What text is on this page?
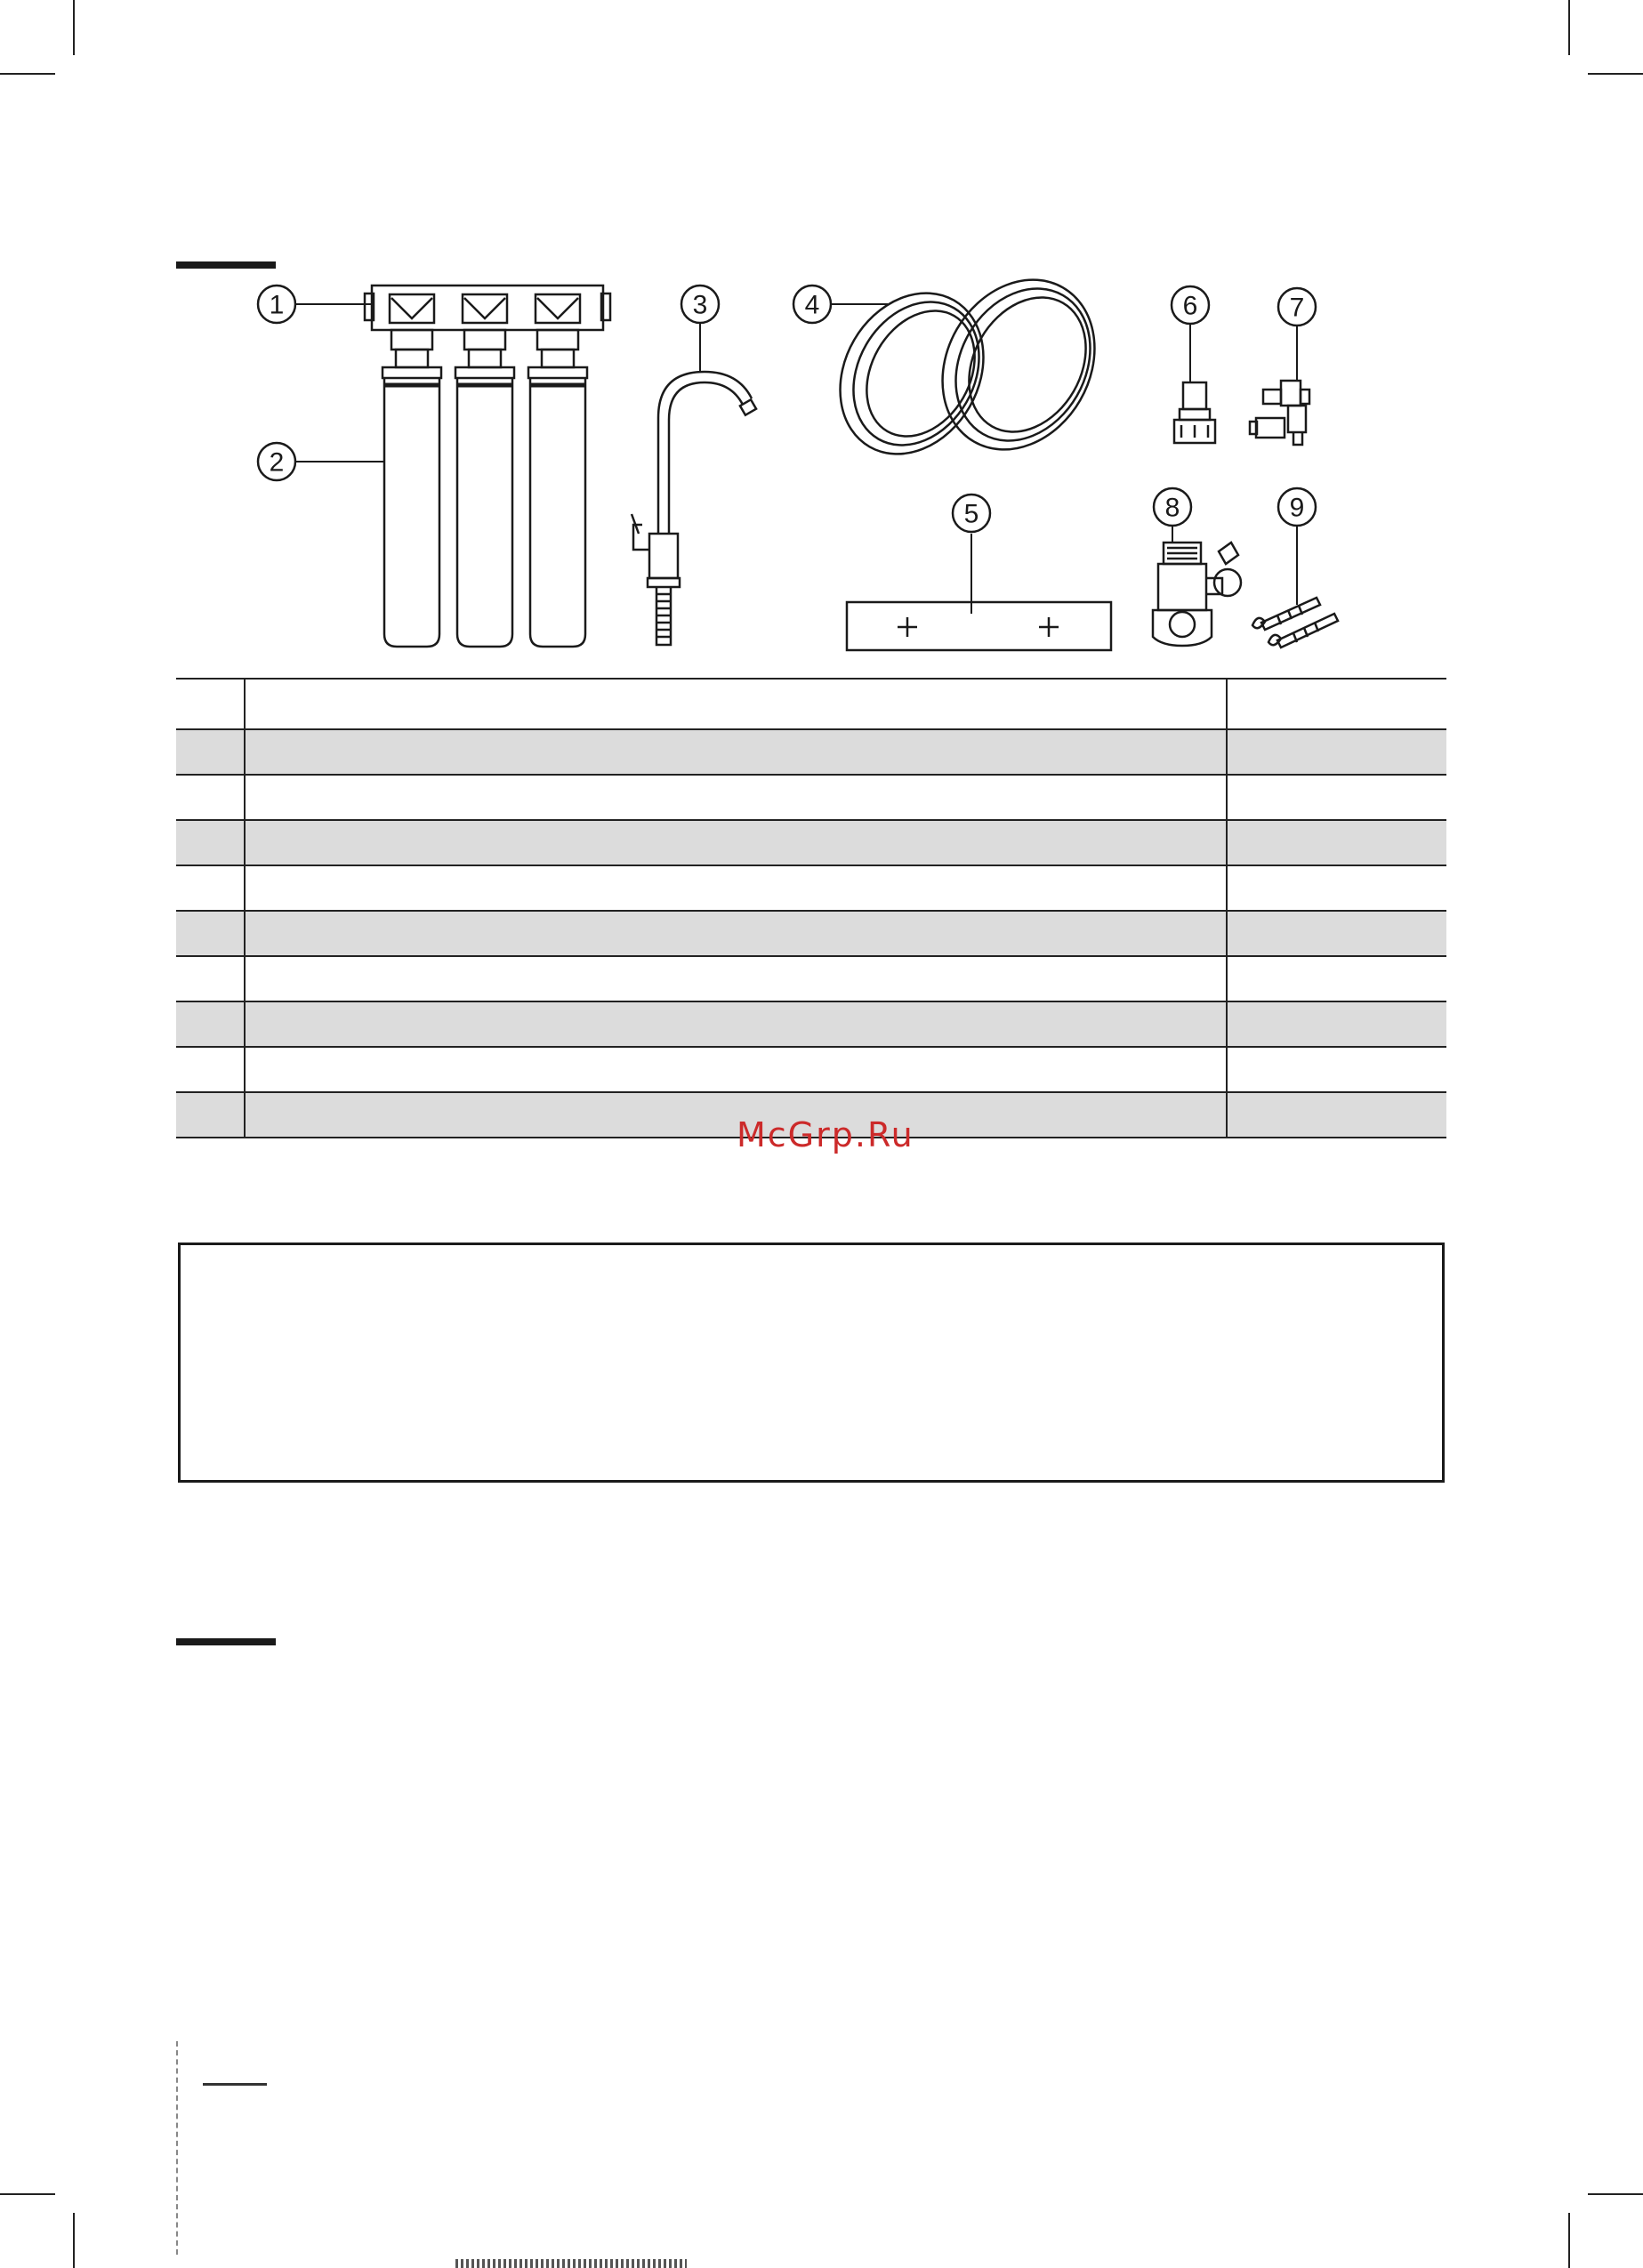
1
2
3	4
5
6	7
8	9

McGrp.Ru
